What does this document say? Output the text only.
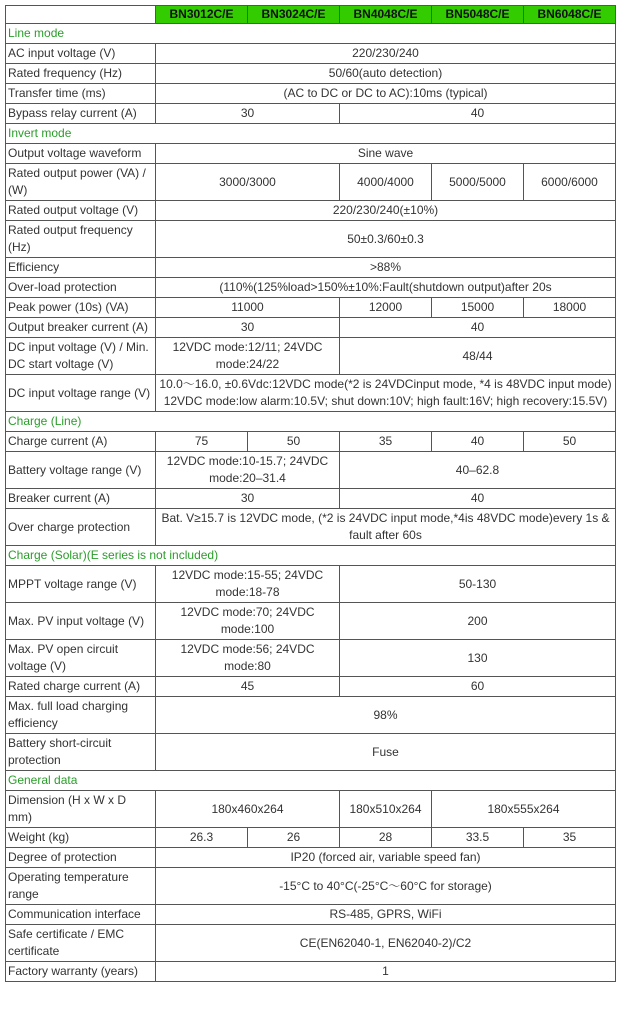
	BN3012C/E	BN3024C/E	BN4048C/E	BN5048C/E	BN6048C/E
Line mode					
AC input voltage (V)	220/230/240				
Rated frequency (Hz)	50/60(auto detection)				
Transfer time (ms)	(AC to DC or DC to AC):10ms (typical)				
Bypass relay current (A)	30		40		
Invert mode					
Output voltage waveform	Sine wave				
Rated output power (VA) / (W)	3000/3000		4000/4000	5000/5000	6000/6000
Rated output voltage (V)	220/230/240(±10%)				
Rated output frequency (Hz)	50±0.3/60±0.3				
Efficiency	>88%				
Over-load protection	(110%(125%load>150%±10%:Fault(shutdown output)after 20s				
Peak power (10s) (VA)	11000		12000	15000	18000
Output breaker current (A)	30		40		
DC input voltage (V) / Min. DC start voltage (V)	12VDC mode:12/11; 24VDC mode:24/22		48/44		
DC input voltage range (V)	10.0～16.0, ±0.6Vdc:12VDC mode(*2 is 24VDCinput mode, *4 is 48VDC input mode)
12VDC mode:low alarm:10.5V; shut down:10V; high fault:16V; high recovery:15.5V)				
Charge (Line)					
Charge current (A)	75	50	35	40	50
Battery voltage range (V)	12VDC mode:10-15.7; 24VDC mode:20–31.4		40–62.8		
Breaker current (A)	30		40		
Over charge protection	Bat. V≥15.7 is 12VDC mode, (*2 is 24VDC input mode,*4is 48VDC mode)every 1s & fault after 60s				
Charge (Solar)(E series is not included)					
MPPT voltage range (V)	12VDC mode:15-55; 24VDC mode:18-78		50-130		
Max. PV input voltage (V)	12VDC mode:70; 24VDC mode:100		200		
Max. PV open circuit voltage (V)	12VDC mode:56; 24VDC mode:80		130		
Rated charge current (A)	45		60		
Max. full load charging efficiency	98%				
Battery short-circuit protection	Fuse				
General data					
Dimension (H x W x D mm)	180x460x264		180x510x264	180x555x264	
Weight (kg)	26.3	26	28	33.5	35
Degree of protection	IP20 (forced air, variable speed fan)				
Operating temperature range	-15°C to 40°C(-25°C～60°C for storage)				
Communication interface	RS-485, GPRS, WiFi				
Safe certificate / EMC certificate	CE(EN62040-1, EN62040-2)/C2				
Factory warranty (years)	1				
